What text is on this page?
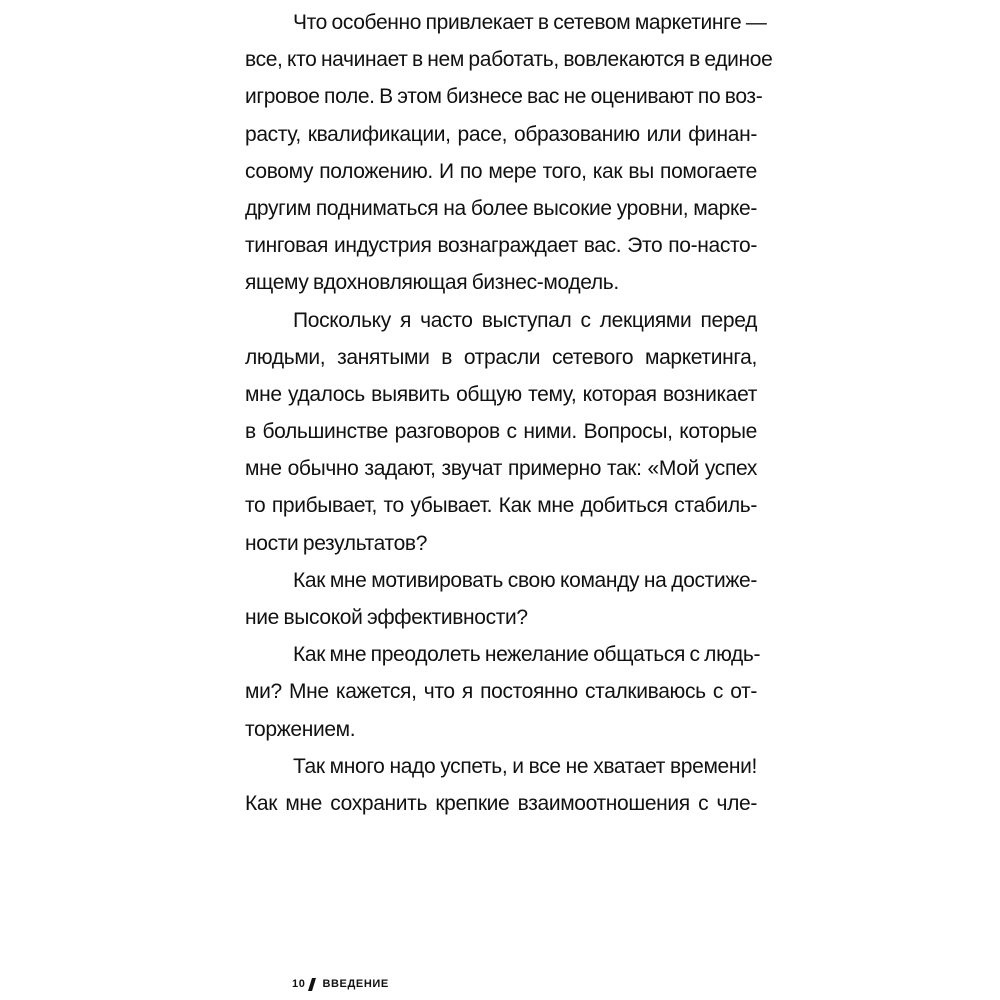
Что особенно привлекает в сетевом маркетинге —
все, кто начинает в нем работать, вовлекаются в единое
игровое поле. В этом бизнесе вас не оценивают по воз-
расту, квалификации, расе, образованию или финан-
совому положению. И по мере того, как вы помогаете
другим подниматься на более высокие уровни, марке-
тинговая индустрия вознаграждает вас. Это по-насто-
ящему вдохновляющая бизнес-модель.
Поскольку я часто выступал с лекциями перед
людьми, занятыми в отрасли сетевого маркетинга,
мне удалось выявить общую тему, которая возникает
в большинстве разговоров с ними. Вопросы, которые
мне обычно задают, звучат примерно так: «Мой успех
то прибывает, то убывает. Как мне добиться стабиль-
ности результатов?
Как мне мотивировать свою команду на достиже-
ние высокой эффективности?
Как мне преодолеть нежелание общаться с людь-
ми? Мне кажется, что я постоянно сталкиваюсь с от-
торжением.
Так много надо успеть, и все не хватает времени!
Как мне сохранить крепкие взаимоотношения с чле-
10 ВВЕДЕНИЕ
